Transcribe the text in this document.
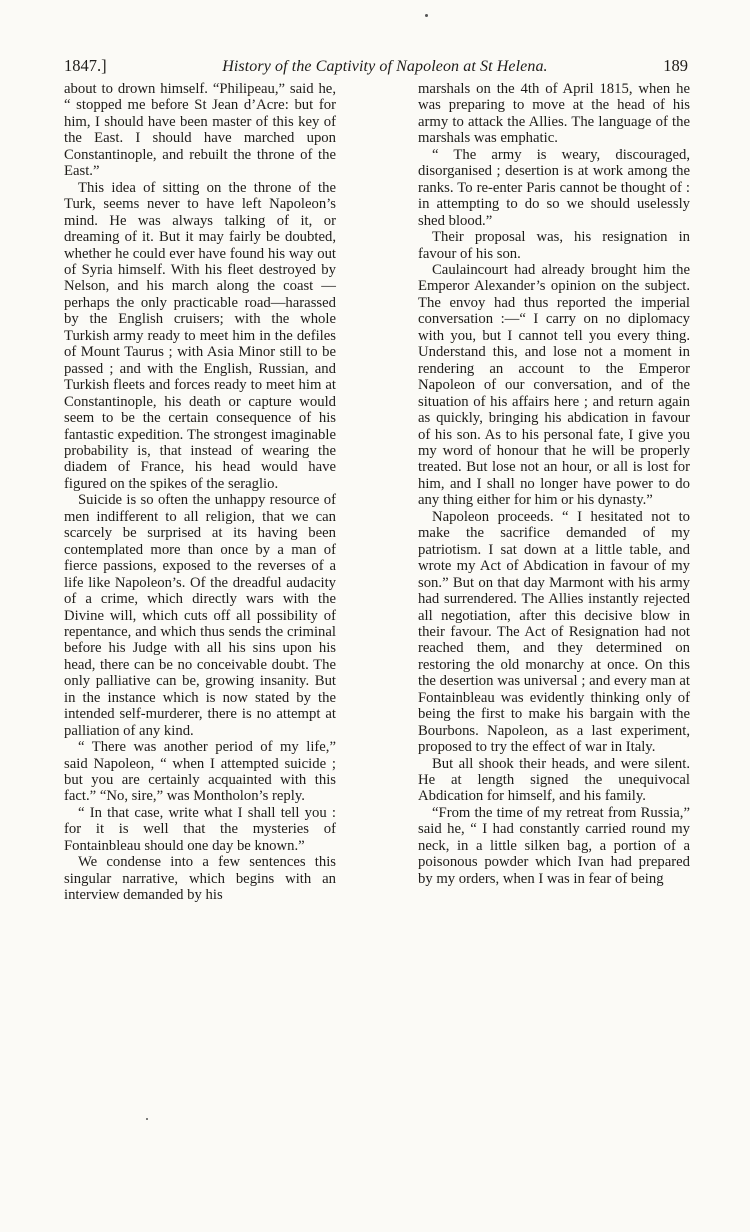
1847.]	History of the Captivity of Napoleon at St Helena.	189

about to drown himself. “Philipeau,” said he, “ stopped me before St Jean d’Acre: but for him, I should have been master of this key of the East. I should have marched upon Constantinople, and rebuilt the throne of the East.”

This idea of sitting on the throne of the Turk, seems never to have left Napoleon’s mind. He was always talking of it, or dreaming of it. But it may fairly be doubted, whether he could ever have found his way out of Syria himself. With his fleet destroyed by Nelson, and his march along the coast — perhaps the only practicable road—harassed by the English cruisers; with the whole Turkish army ready to meet him in the defiles of Mount Taurus ; with Asia Minor still to be passed ; and with the English, Russian, and Turkish fleets and forces ready to meet him at Constantinople, his death or capture would seem to be the certain consequence of his fantastic expedition. The strongest imaginable probability is, that instead of wearing the diadem of France, his head would have figured on the spikes of the seraglio.

Suicide is so often the unhappy resource of men indifferent to all religion, that we can scarcely be surprised at its having been contemplated more than once by a man of fierce passions, exposed to the reverses of a life like Napoleon’s. Of the dreadful audacity of a crime, which directly wars with the Divine will, which cuts off all possibility of repentance, and which thus sends the criminal before his Judge with all his sins upon his head, there can be no conceivable doubt. The only palliative can be, growing insanity. But in the instance which is now stated by the intended self-murderer, there is no attempt at palliation of any kind.

“ There was another period of my life,” said Napoleon, “ when I attempted suicide ; but you are certainly acquainted with this fact.” “No, sire,” was Montholon’s reply.

“ In that case, write what I shall tell you : for it is well that the mysteries of Fontainbleau should one day be known.”

We condense into a few sentences this singular narrative, which begins with an interview demanded by his

marshals on the 4th of April 1815, when he was preparing to move at the head of his army to attack the Allies. The language of the marshals was emphatic.

“ The army is weary, discouraged, disorganised ; desertion is at work among the ranks. To re-enter Paris cannot be thought of : in attempting to do so we should uselessly shed blood.”

Their proposal was, his resignation in favour of his son.

Caulaincourt had already brought him the Emperor Alexander’s opinion on the subject. The envoy had thus reported the imperial conversation :—“ I carry on no diplomacy with you, but I cannot tell you every thing. Understand this, and lose not a moment in rendering an account to the Emperor Napoleon of our conversation, and of the situation of his affairs here ; and return again as quickly, bringing his abdication in favour of his son. As to his personal fate, I give you my word of honour that he will be properly treated. But lose not an hour, or all is lost for him, and I shall no longer have power to do any thing either for him or his dynasty.”

Napoleon proceeds. “ I hesitated not to make the sacrifice demanded of my patriotism. I sat down at a little table, and wrote my Act of Abdication in favour of my son.” But on that day Marmont with his army had surrendered. The Allies instantly rejected all negotiation, after this decisive blow in their favour. The Act of Resignation had not reached them, and they determined on restoring the old monarchy at once. On this the desertion was universal ; and every man at Fontainbleau was evidently thinking only of being the first to make his bargain with the Bourbons. Napoleon, as a last experiment, proposed to try the effect of war in Italy.

But all shook their heads, and were silent. He at length signed the unequivocal Abdication for himself, and his family.

“From the time of my retreat from Russia,” said he, “ I had constantly carried round my neck, in a little silken bag, a portion of a poisonous powder which Ivan had prepared by my orders, when I was in fear of being
